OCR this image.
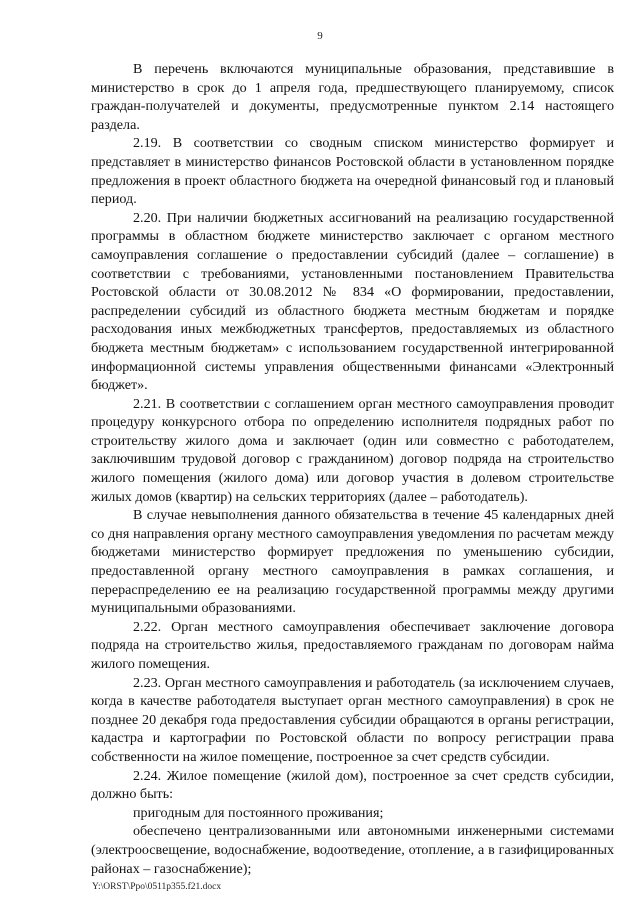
9

В перечень включаются муниципальные образования, представившие в министерство в срок до 1 апреля года, предшествующего планируемому, список граждан-получателей и документы, предусмотренные пунктом 2.14 настоящего раздела.

2.19. В соответствии со сводным списком министерство формирует и представляет в министерство финансов Ростовской области в установленном порядке предложения в проект областного бюджета на очередной финансовый год и плановый период.

2.20. При наличии бюджетных ассигнований на реализацию государственной программы в областном бюджете министерство заключает с органом местного самоуправления соглашение о предоставлении субсидий (далее – соглашение) в соответствии с требованиями, установленными постановлением Правительства Ростовской области от 30.08.2012 № 834 «О формировании, предоставлении, распределении субсидий из областного бюджета местным бюджетам и порядке расходования иных межбюджетных трансфертов, предоставляемых из областного бюджета местным бюджетам» с использованием государственной интегрированной информационной системы управления общественными финансами «Электронный бюджет».

2.21. В соответствии с соглашением орган местного самоуправления проводит процедуру конкурсного отбора по определению исполнителя подрядных работ по строительству жилого дома и заключает (один или совместно с работодателем, заключившим трудовой договор с гражданином) договор подряда на строительство жилого помещения (жилого дома) или договор участия в долевом строительстве жилых домов (квартир) на сельских территориях (далее – работодатель).

В случае невыполнения данного обязательства в течение 45 календарных дней со дня направления органу местного самоуправления уведомления по расчетам между бюджетами министерство формирует предложения по уменьшению субсидии, предоставленной органу местного самоуправления в рамках соглашения, и перераспределению ее на реализацию государственной программы между другими муниципальными образованиями.

2.22. Орган местного самоуправления обеспечивает заключение договора подряда на строительство жилья, предоставляемого гражданам по договорам найма жилого помещения.

2.23. Орган местного самоуправления и работодатель (за исключением случаев, когда в качестве работодателя выступает орган местного самоуправления) в срок не позднее 20 декабря года предоставления субсидии обращаются в органы регистрации, кадастра и картографии по Ростовской области по вопросу регистрации права собственности на жилое помещение, построенное за счет средств субсидии.

2.24. Жилое помещение (жилой дом), построенное за счет средств субсидии, должно быть:

пригодным для постоянного проживания;

обеспечено централизованными или автономными инженерными системами (электроосвещение, водоснабжение, водоотведение, отопление, а в газифицированных районах – газоснабжение);

Y:\ORST\Ppo\0511p355.f21.docx
